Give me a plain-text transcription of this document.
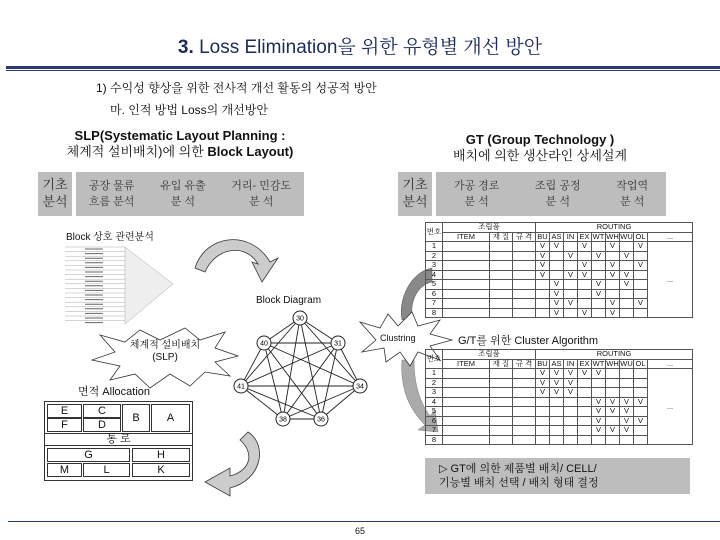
3. Loss Elimination을 위한 유형별 개선 방안
1) 수익성 향상을 위한 전사적 개선 활동의 성공적 방안
마. 인적 방법 Loss의 개선방안
SLP(Systematic Layout Planning :
체계적 설비배치)에 의한 Block Layout)
기초
분석
공장 물류
흐름 분석
유입 유출
분 석
거리- 민감도
분 석
Block 상호 관련분석
30
40	31
41	34
38	36
체계적 설비배치
(SLP)
Block Diagram
Clustring	G/T를 위한 Cluster Algorithm
면적 Allocation
E	C
F	D
B	A
통 로
G	H
M	L	K
GT (Group Technology )
배치에 의한 생산라인 상세설계
기초
분석
가공 경로
분 석
조립 공정
분 석
작업역
분 석
번호	조립품			ROUTING								
	ITEM	재 질	규 격	BU	AS	IN	EX	WT	WH	WU	OL	...
1				V	V		V		V		V	...
2				V		V		V		V		
3				V			V		V		V	
4				V		V	V		V	V		
5					V			V		V		
6					V			V				
7					V	V			V		V	
8					V		V		V			
번호	조립품			ROUTING								
	ITEM	재 질	규 격	BU	AS	IN	EX	WT	WH	WU	OL	...
1				V	V	V	V	V				...
2				V	V	V						
3				V	V	V						
4								V	V	V	V	
5								V	V	V		
6								V		V	V	
7								V	V	V		
8												
▷ GT에 의한 제품별 배치/ CELL/
기능별 배치 선택 / 배치 형태 결정
65
